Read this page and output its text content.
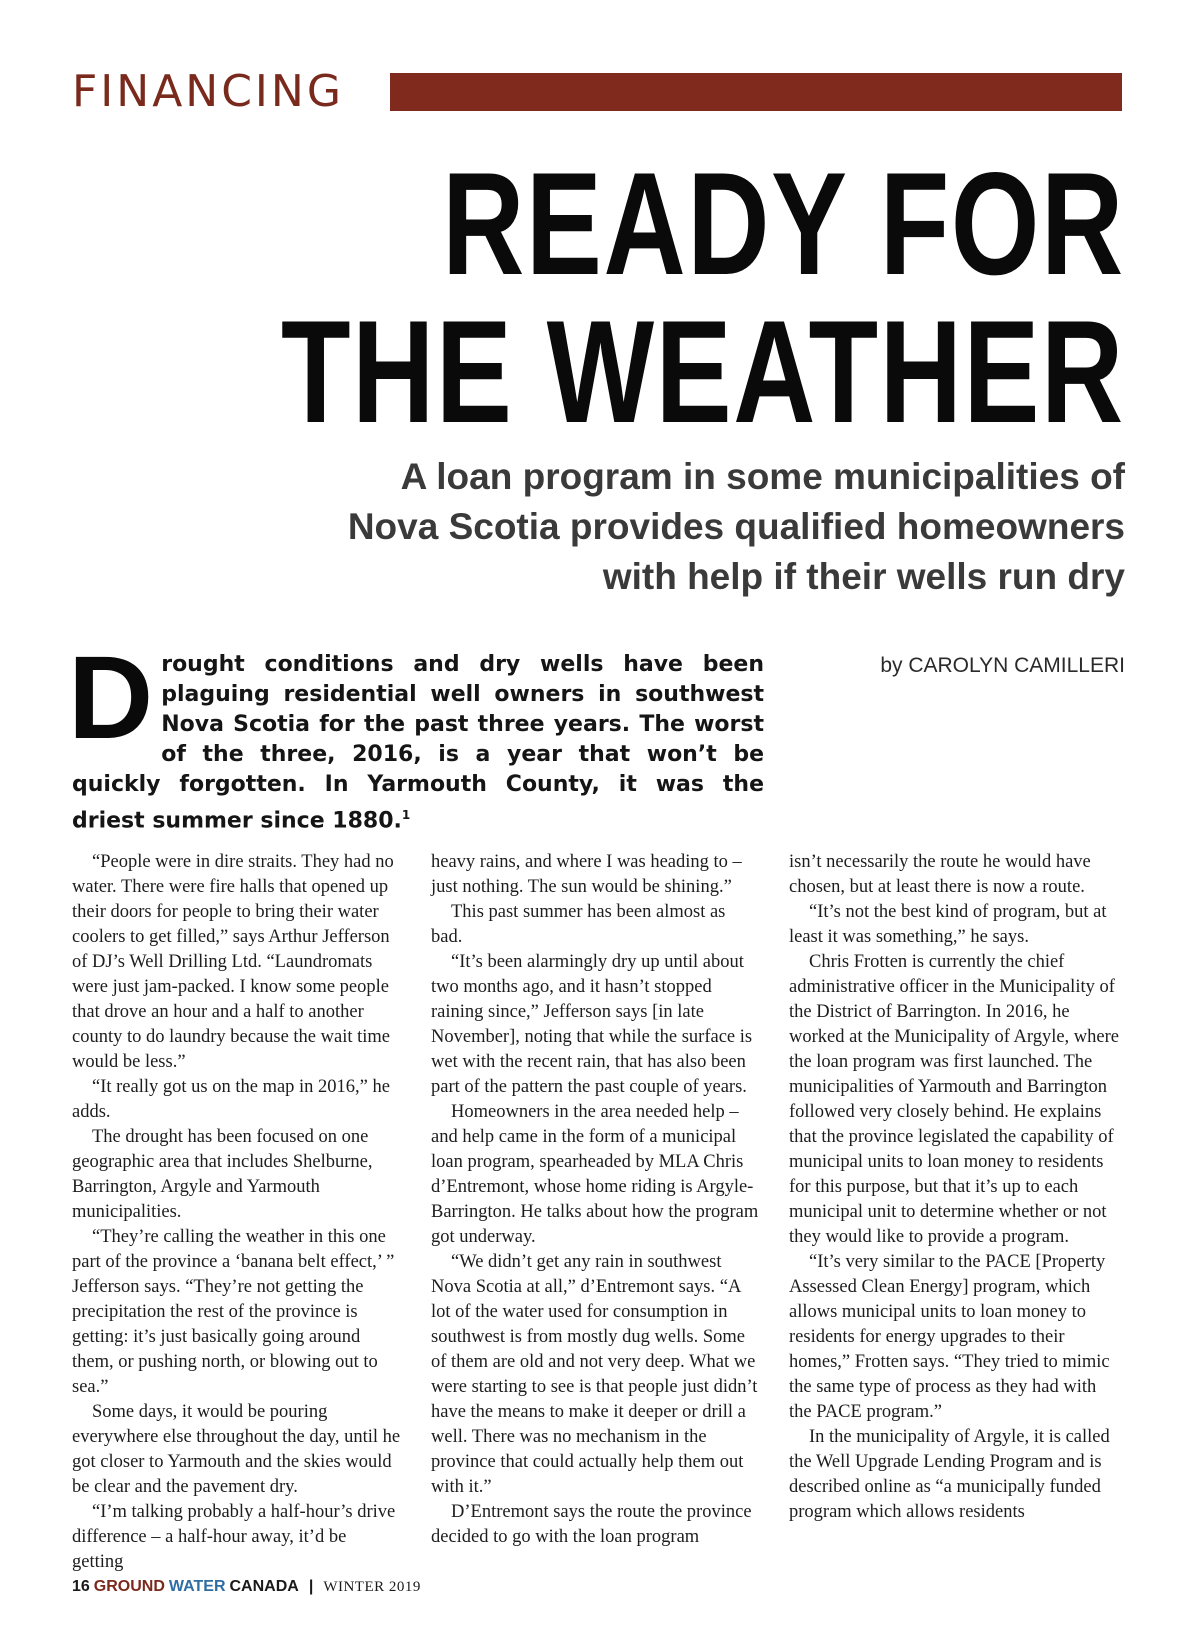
FINANCING
READY FOR
THE WEATHER
A loan program in some municipalities of
Nova Scotia provides qualified homeowners
with help if their wells run dry
by CAROLYN CAMILLERI

Drought conditions and dry wells have been plaguing residential well owners in southwest Nova Scotia for the past three years. The worst of the three, 2016, is a year that won’t be quickly forgotten. In Yarmouth County, it was the driest summer since 1880.$^1$

“People were in dire straits. They had no water. There were fire halls that opened up their doors for people to bring their water coolers to get filled,” says Arthur Jefferson of DJ’s Well Drilling Ltd. “Laundromats were just jam-packed. I know some people that drove an hour and a half to another county to do laundry because the wait time would be less.”

“It really got us on the map in 2016,” he adds.

The drought has been focused on one geographic area that includes Shelburne, Barrington, Argyle and Yarmouth municipalities.

“They’re calling the weather in this one part of the province a ‘banana belt effect,’ ” Jefferson says. “They’re not getting the precipitation the rest of the province is getting: it’s just basically going around them, or pushing north, or blowing out to sea.”

Some days, it would be pouring everywhere else throughout the day, until he got closer to Yarmouth and the skies would be clear and the pavement dry.

“I’m talking probably a half-hour’s drive difference – a half-hour away, it’d be getting

heavy rains, and where I was heading to – just nothing. The sun would be shining.”

This past summer has been almost as bad.

“It’s been alarmingly dry up until about two months ago, and it hasn’t stopped raining since,” Jefferson says [in late November], noting that while the surface is wet with the recent rain, that has also been part of the pattern the past couple of years.

Homeowners in the area needed help – and help came in the form of a municipal loan program, spearheaded by MLA Chris d’Entremont, whose home riding is Argyle-Barrington. He talks about how the program got underway.

“We didn’t get any rain in southwest Nova Scotia at all,” d’Entremont says. “A lot of the water used for consumption in southwest is from mostly dug wells. Some of them are old and not very deep. What we were starting to see is that people just didn’t have the means to make it deeper or drill a well. There was no mechanism in the province that could actually help them out with it.”

D’Entremont says the route the province decided to go with the loan program

isn’t necessarily the route he would have chosen, but at least there is now a route.

“It’s not the best kind of program, but at least it was something,” he says.

Chris Frotten is currently the chief administrative officer in the Municipality of the District of Barrington. In 2016, he worked at the Municipality of Argyle, where the loan program was first launched. The municipalities of Yarmouth and Barrington followed very closely behind. He explains that the province legislated the capability of municipal units to loan money to residents for this purpose, but that it’s up to each municipal unit to determine whether or not they would like to provide a program.

“It’s very similar to the PACE [Property Assessed Clean Energy] program, which allows municipal units to loan money to residents for energy upgrades to their homes,” Frotten says. “They tried to mimic the same type of process as they had with the PACE program.”

In the municipality of Argyle, it is called the Well Upgrade Lending Program and is described online as “a municipally funded program which allows residents

16 GROUND WATER CANADA | WINTER 2019
